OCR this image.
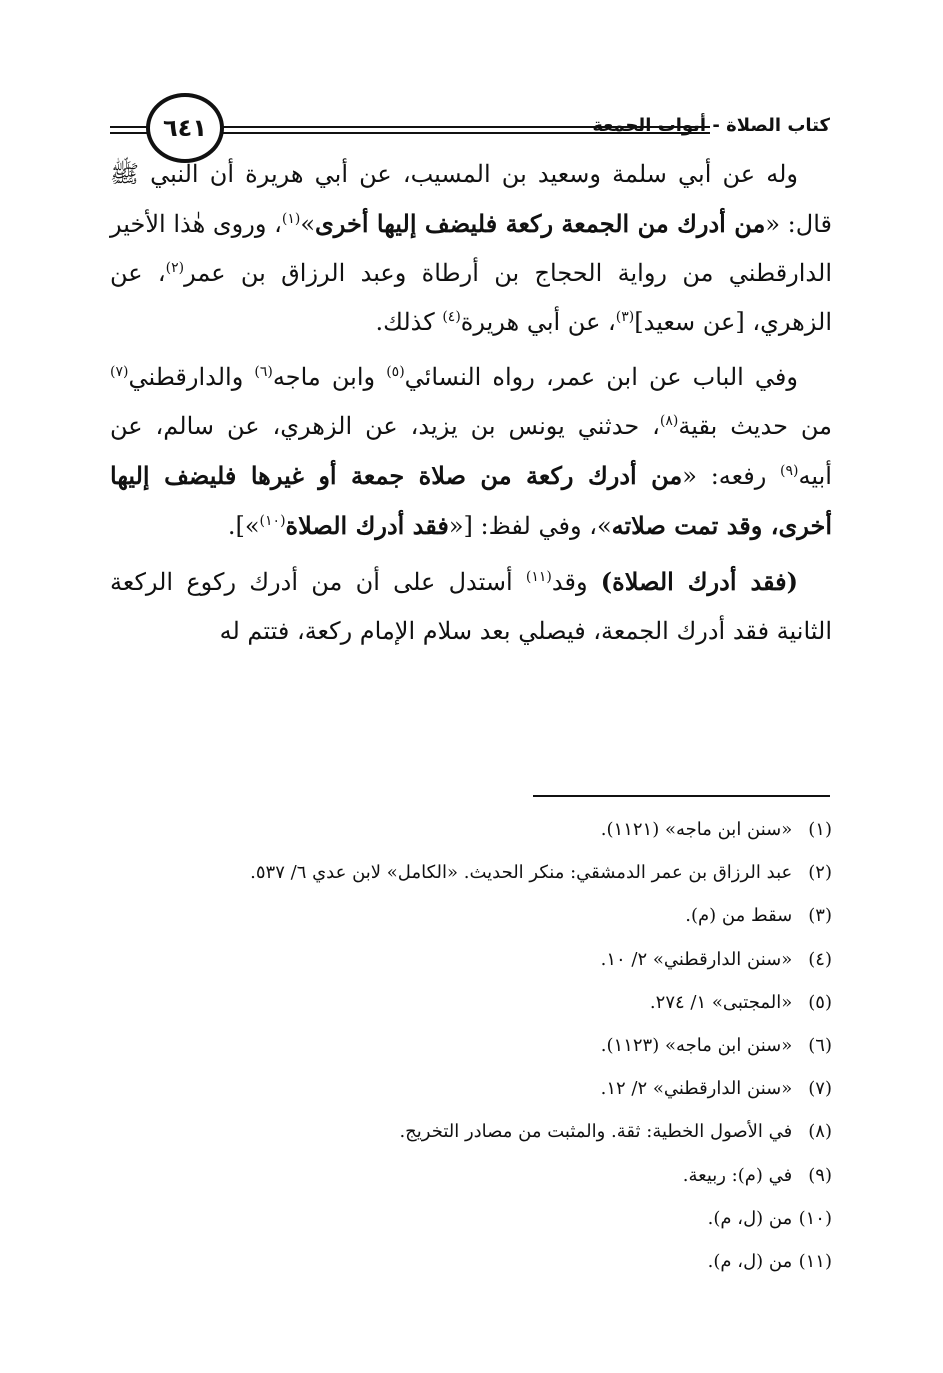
٦٤١	كتاب الصلاة - أبواب الجمعة

وله عن أبي سلمة وسعيد بن المسيب، عن أبي هريرة أن النبي ﷺ قال: «من أدرك من الجمعة ركعة فليضف إليها أخرى»$^{(١)}$، وروى هٰذا الأخير الدارقطني من رواية الحجاج بن أرطاة وعبد الرزاق بن عمر$^{(٢)}$، عن الزهري، [عن سعيد]$^{(٣)}$، عن أبي هريرة$^{(٤)}$ كذلك.

وفي الباب عن ابن عمر، رواه النسائي$^{(٥)}$ وابن ماجه$^{(٦)}$ والدارقطني$^{(٧)}$ من حديث بقية$^{(٨)}$، حدثني يونس بن يزيد، عن الزهري، عن سالم، عن أبيه$^{(٩)}$ رفعه: «من أدرك ركعة من صلاة جمعة أو غيرها فليضف إليها أخرى، وقد تمت صلاته»، وفي لفظ: [«فقد أدرك الصلاة$^{(١٠)}$»].

(فقد أدرك الصلاة) وقد$^{(١١)}$ أستدل على أن من أدرك ركوع الركعة الثانية فقد أدرك الجمعة، فيصلي بعد سلام الإمام ركعة، فتتم له

(١) «سنن ابن ماجه» (١١٢١).
(٢) عبد الرزاق بن عمر الدمشقي: منكر الحديث. «الكامل» لابن عدي ٦/ ٥٣٧.
(٣) سقط من (م).
(٤) «سنن الدارقطني» ٢/ ١٠.
(٥) «المجتبى» ١/ ٢٧٤.
(٦) «سنن ابن ماجه» (١١٢٣).
(٧) «سنن الدارقطني» ٢/ ١٢.
(٨) في الأصول الخطية: ثقة. والمثبت من مصادر التخريج.
(٩) في (م): ربيعة.
(١٠) من (ل، م).
(١١) من (ل، م).
